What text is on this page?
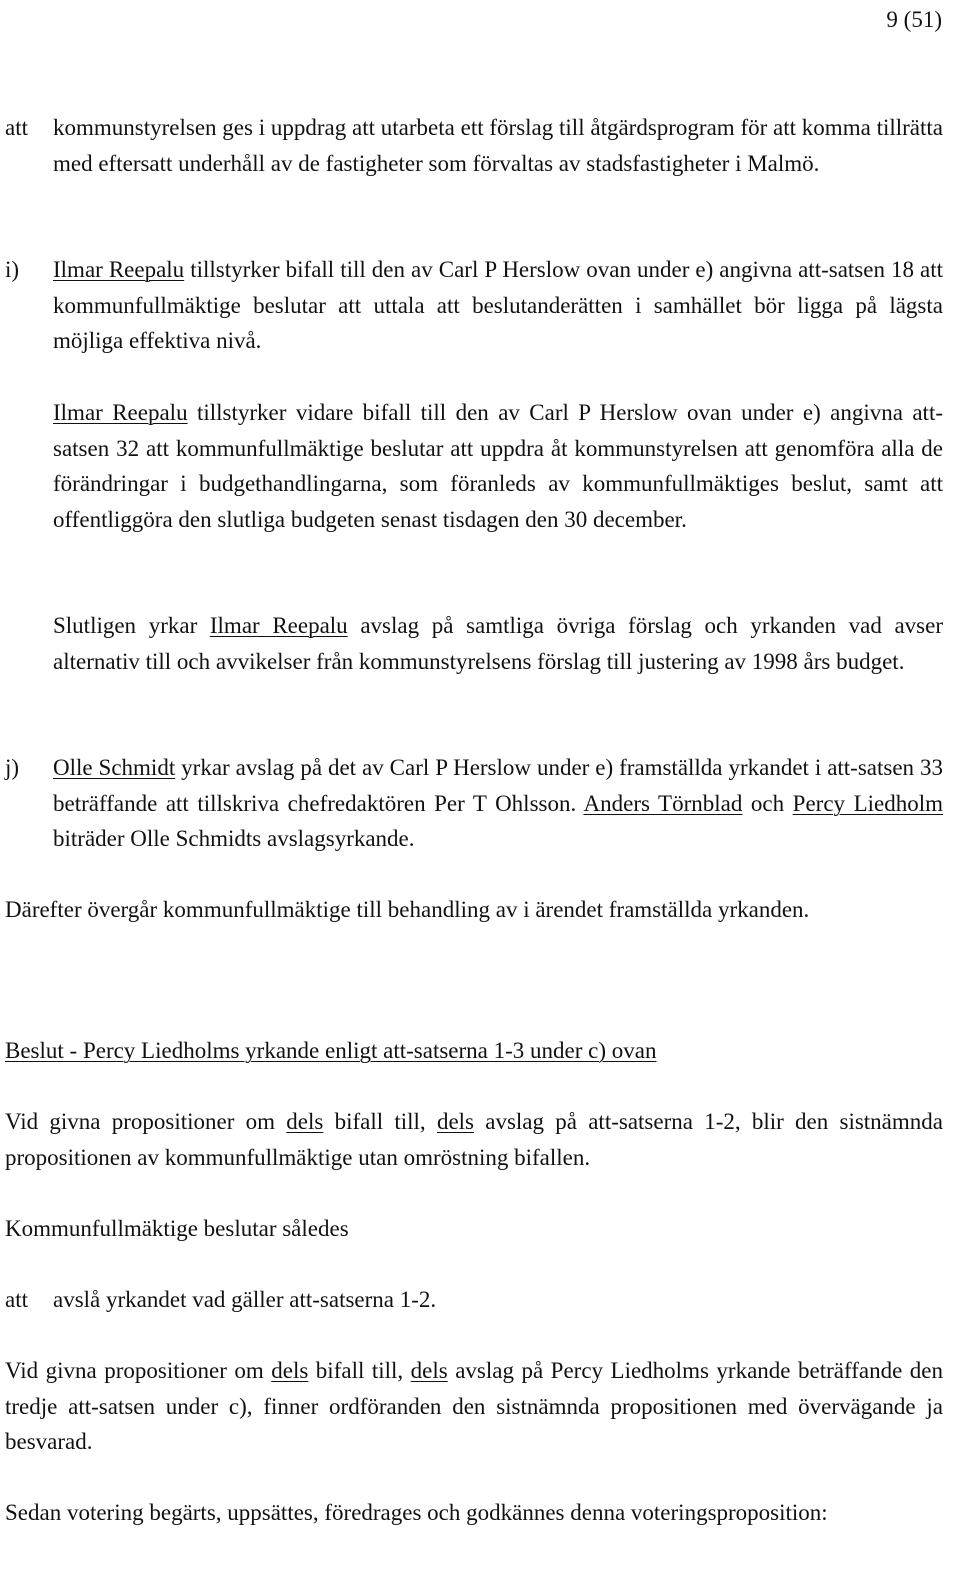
9 (51)
att	kommunstyrelsen ges i uppdrag att utarbeta ett förslag till åtgärdsprogram för att komma tillrätta med eftersatt underhåll av de fastigheter som förvaltas av stadsfastigheter i Malmö.
i)	Ilmar Reepalu tillstyrker bifall till den av Carl P Herslow ovan under e) angivna att-satsen 18 att kommunfullmäktige beslutar att uttala att beslutanderätten i samhället bör ligga på lägsta möjliga effektiva nivå.

Ilmar Reepalu tillstyrker vidare bifall till den av Carl P Herslow ovan under e) angivna att-satsen 32 att kommunfullmäktige beslutar att uppdra åt kommunstyrelsen att genomföra alla de förändringar i budgethandlingarna, som föranleds av kommunfullmäktiges beslut, samt att offentliggöra den slutliga budgeten senast tisdagen den 30 december.

Slutligen yrkar Ilmar Reepalu avslag på samtliga övriga förslag och yrkanden vad avser alternativ till och avvikelser från kommunstyrelsens förslag till justering av 1998 års budget.

j)	Olle Schmidt yrkar avslag på det av Carl P Herslow under e) framställda yrkandet i att-satsen 33 beträffande att tillskriva chefredaktören Per T Ohlsson. Anders Törnblad och Percy Liedholm biträder Olle Schmidts avslagsyrkande.

Därefter övergår kommunfullmäktige till behandling av i ärendet framställda yrkanden.

Beslut - Percy Liedholms yrkande enligt att-satserna 1-3 under c) ovan

Vid givna propositioner om dels bifall till, dels avslag på att-satserna 1-2, blir den sistnämnda propositionen av kommunfullmäktige utan omröstning bifallen.

Kommunfullmäktige beslutar således

att	avslå yrkandet vad gäller att-satserna 1-2.

Vid givna propositioner om dels bifall till, dels avslag på Percy Liedholms yrkande beträffande den tredje att-satsen under c), finner ordföranden den sistnämnda propositionen med övervägande ja besvarad.

Sedan votering begärts, uppsättes, föredrages och godkännes denna voteringsproposition:
